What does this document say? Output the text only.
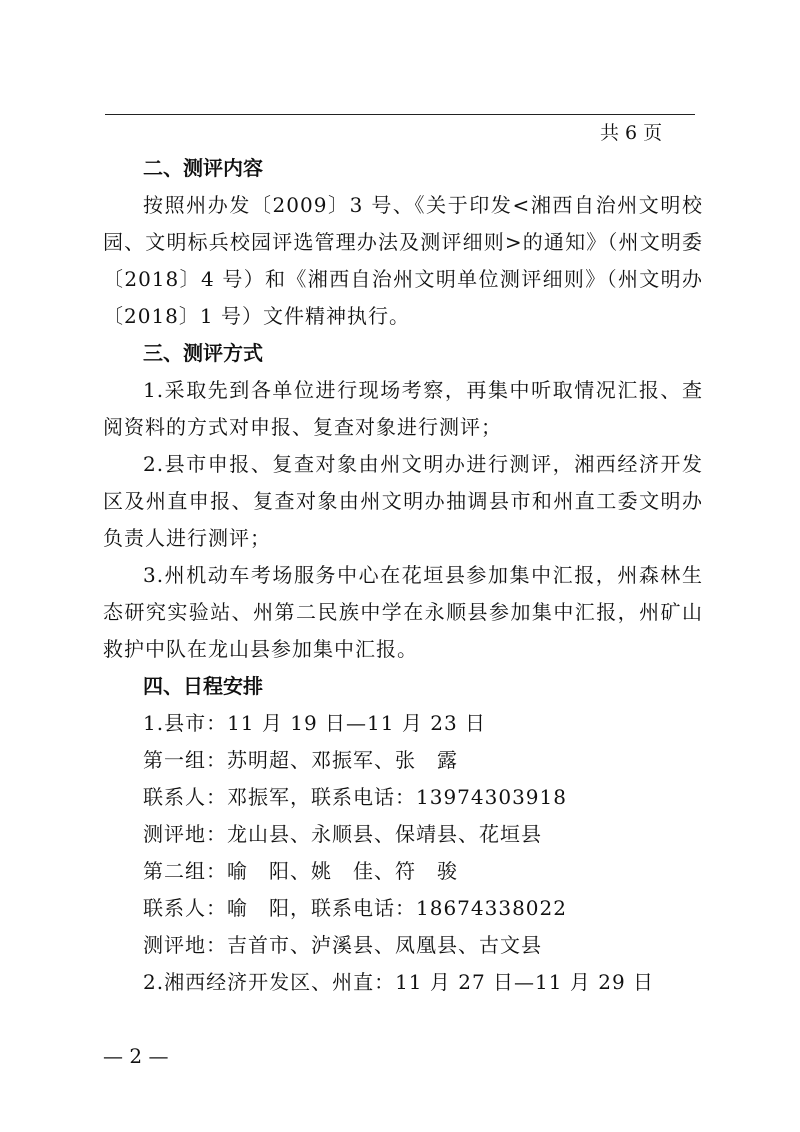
共 6 页

二、测评内容

按照州办发〔2009〕3 号、《关于印发<湘西自治州文明校园、文明标兵校园评选管理办法及测评细则>的通知》（州文明委〔2018〕4 号）和《湘西自治州文明单位测评细则》（州文明办〔2018〕1 号）文件精神执行。

三、测评方式

1.采取先到各单位进行现场考察，再集中听取情况汇报、查阅资料的方式对申报、复查对象进行测评；

2.县市申报、复查对象由州文明办进行测评，湘西经济开发区及州直申报、复查对象由州文明办抽调县市和州直工委文明办负责人进行测评；

3.州机动车考场服务中心在花垣县参加集中汇报，州森林生态研究实验站、州第二民族中学在永顺县参加集中汇报，州矿山救护中队在龙山县参加集中汇报。

四、日程安排

1.县市：11 月 19 日—11 月 23 日

第一组：苏明超、邓振军、张　露

联系人：邓振军，联系电话：13974303918

测评地：龙山县、永顺县、保靖县、花垣县

第二组：喻　阳、姚　佳、符　骏

联系人：喻　阳，联系电话：18674338022

测评地：吉首市、泸溪县、凤凰县、古文县

2.湘西经济开发区、州直：11 月 27 日—11 月 29 日

— 2 —
